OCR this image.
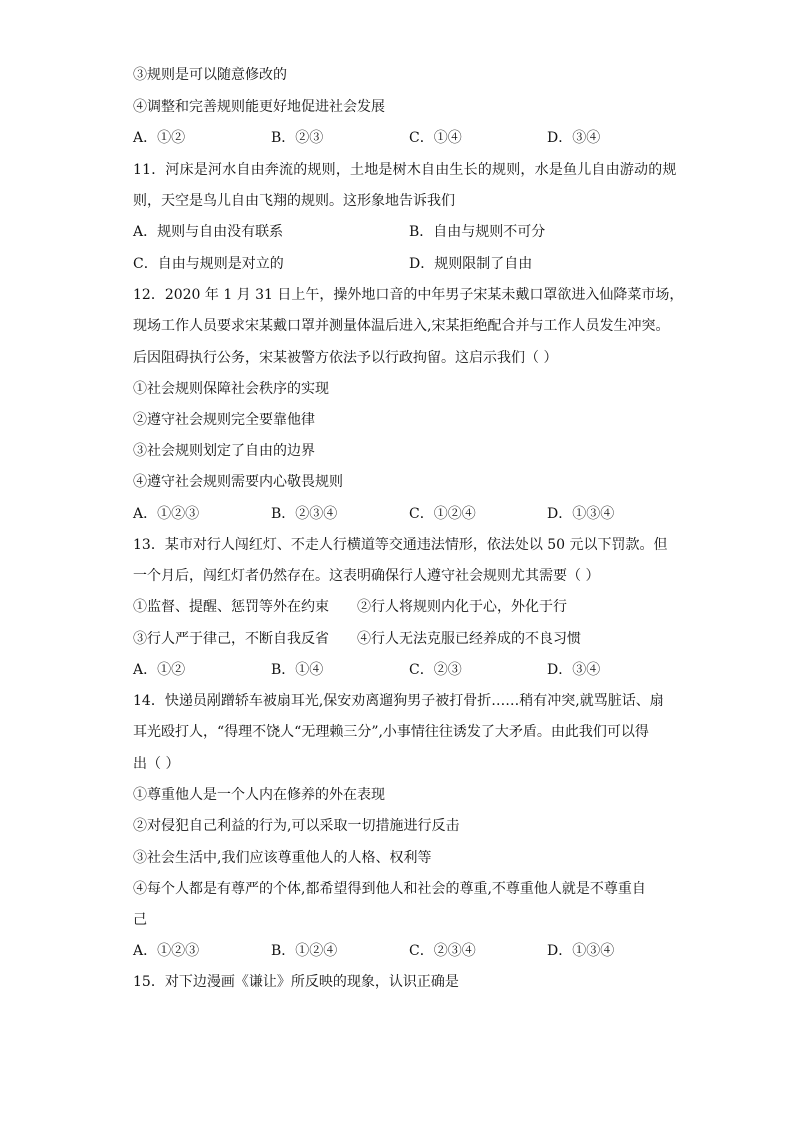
③规则是可以随意修改的
④调整和完善规则能更好地促进社会发展
A．①②	B．②③	C．①④	D．③④
11．河床是河水自由奔流的规则，土地是树木自由生长的规则，水是鱼儿自由游动的规
则，天空是鸟儿自由飞翔的规则。这形象地告诉我们
A．规则与自由没有联系	B．自由与规则不可分
C．自由与规则是对立的	D．规则限制了自由
12．2020 年 1 月 31 日上午，操外地口音的中年男子宋某未戴口罩欲进入仙降菜市场，
现场工作人员要求宋某戴口罩并测量体温后进入,宋某拒绝配合并与工作人员发生冲突。
后因阻碍执行公务，宋某被警方依法予以行政拘留。这启示我们（ ）
①社会规则保障社会秩序的实现
②遵守社会规则完全要靠他律
③社会规则划定了自由的边界
④遵守社会规则需要内心敬畏规则
A．①②③	B．②③④	C．①②④	D．①③④
13．某市对行人闯红灯、不走人行横道等交通违法情形，依法处以 50 元以下罚款。但
一个月后，闯红灯者仍然存在。这表明确保行人遵守社会规则尤其需要（ ）
①监督、提醒、惩罚等外在约束 ②行人将规则内化于心，外化于行
③行人严于律己，不断自我反省 ④行人无法克服已经养成的不良习惯
A．①②	B．①④	C．②③	D．③④
14．快递员剐蹭轿车被扇耳光,保安劝离遛狗男子被打骨折……稍有冲突,就骂脏话、扇
耳光殴打人，“得理不饶人“无理赖三分”,小事情往往诱发了大矛盾。由此我们可以得
出（ ）
①尊重他人是一个人内在修养的外在表现
②对侵犯自己利益的行为,可以采取一切措施进行反击
③社会生活中,我们应该尊重他人的人格、权利等
④每个人都是有尊严的个体,都希望得到他人和社会的尊重,不尊重他人就是不尊重自
己
A．①②③	B．①②④	C．②③④	D．①③④
15．对下边漫画《谦让》所反映的现象，认识正确是
